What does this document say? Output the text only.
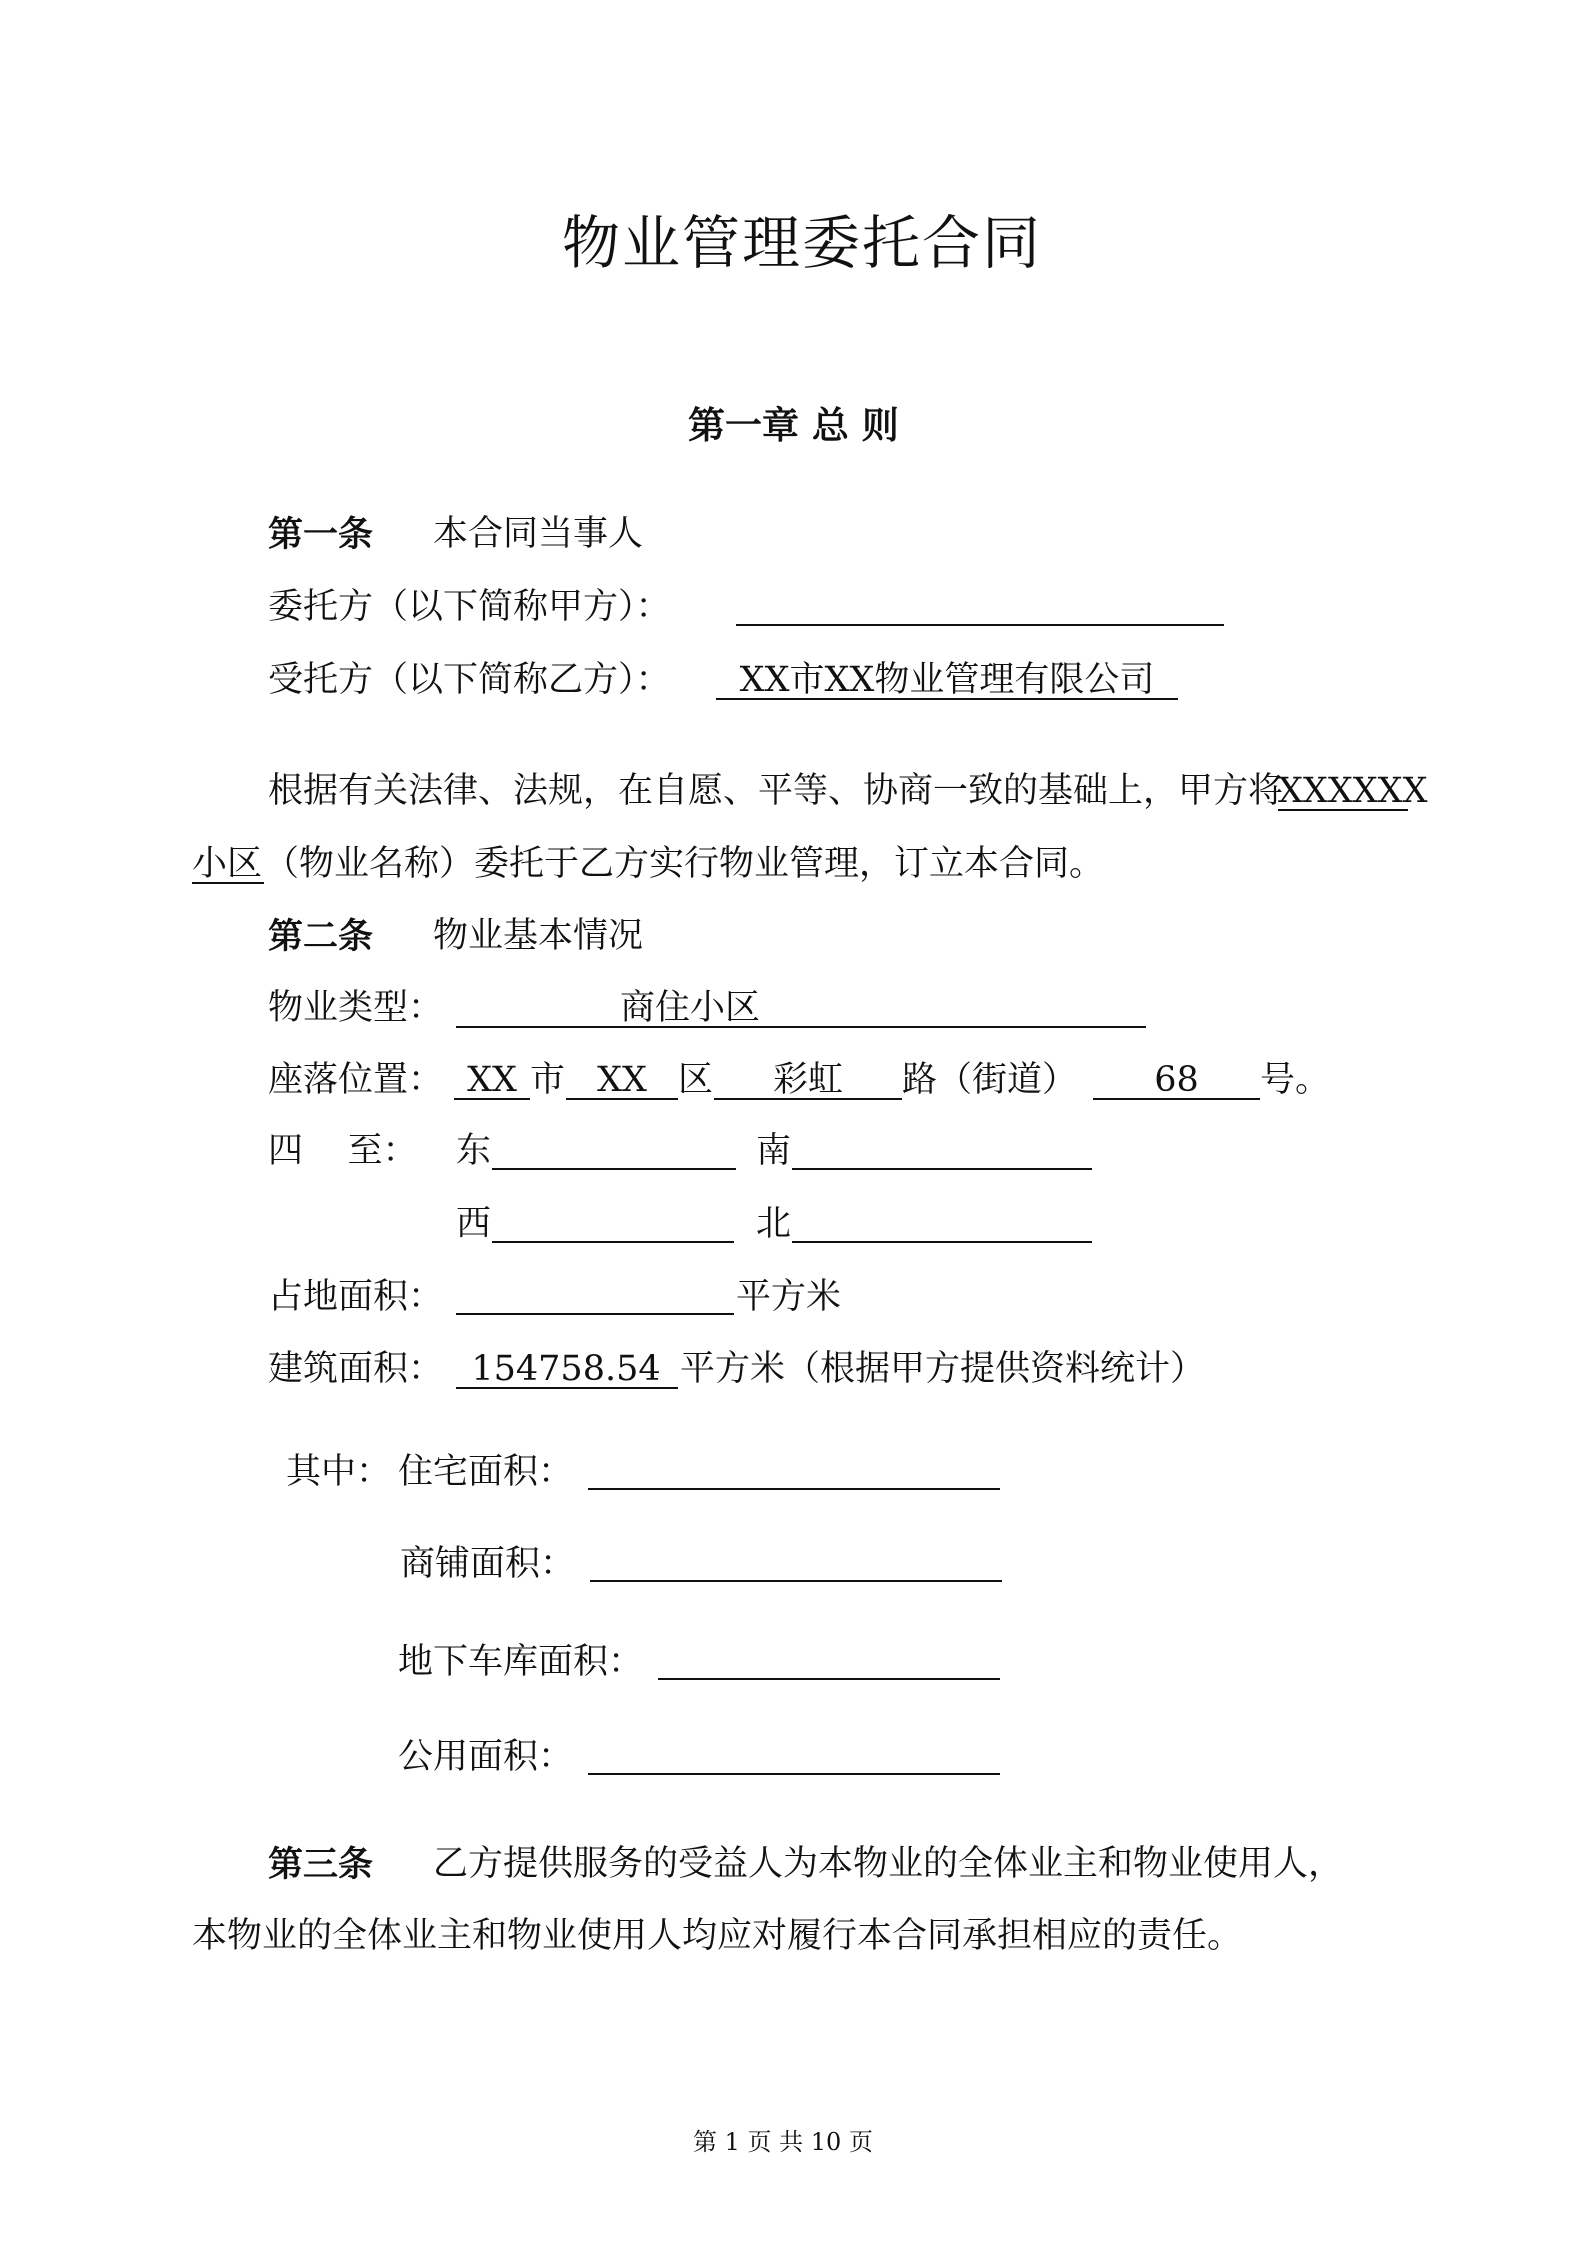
物业管理委托合同
第一章 总 则
第一条 本合同当事人
委托方（以下简称甲方）：
受托方（以下简称乙方）：	XX市XX物业管理有限公司
根据有关法律、法规，在自愿、平等、协商一致的基础上，甲方将
XXXXXX
小区 （物业名称）委托于乙方实行物业管理，订立本合同。
第二条 物业基本情况
物业类型：	商住小区
座落位置： XX 市 XX 区	彩虹	路（街道）	68	号。
四    至： 东	南
西	北
占地面积：	平方米
建筑面积： 154758.54 平方米（根据甲方提供资料统计）
其中： 住宅面积：
商铺面积：
地下车库面积：
公用面积：
第三条 乙方提供服务的受益人为本物业的全体业主和物业使用人，
本物业的全体业主和物业使用人均应对履行本合同承担相应的责任。
第 1 页 共 10 页
